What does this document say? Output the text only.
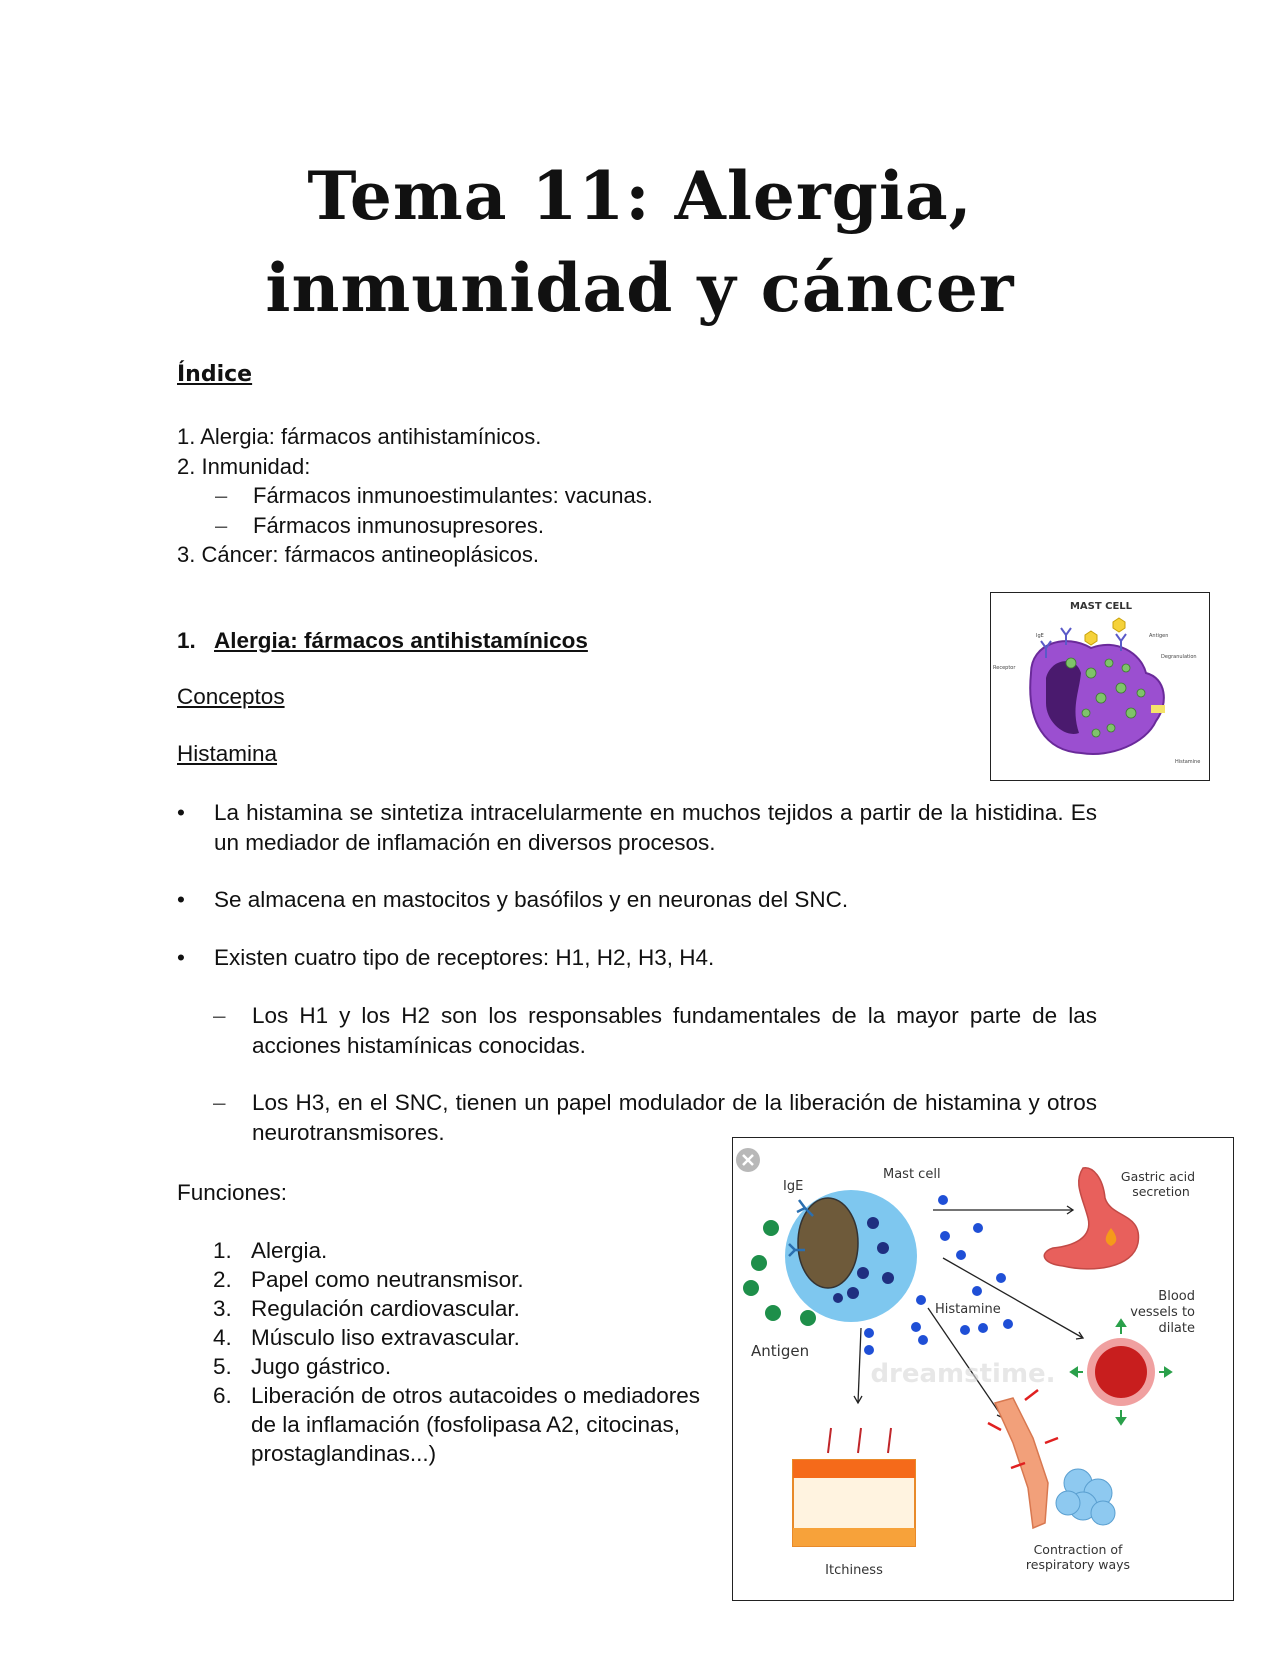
Tema 11: Alergia,
inmunidad y cáncer
Índice
1. Alergia: fármacos antihistamínicos.
2. Inmunidad:
– Fármacos inmunoestimulantes: vacunas.
– Fármacos inmunosupresores.
3. Cáncer: fármacos antineoplásicos.
1. Alergia: fármacos antihistamínicos
Conceptos
Histamina
• La histamina se sintetiza intracelularmente en muchos tejidos a partir de la histidina. Es un mediador de inflamación en diversos procesos.
• Se almacena en mastocitos y basófilos y en neuronas del SNC.
• Existen cuatro tipo de receptores: H1, H2, H3, H4.
– Los H1 y los H2 son los responsables fundamentales de la mayor parte de las acciones histamínicas conocidas.
– Los H3, en el SNC, tienen un papel modulador de la liberación de histamina y otros neurotransmisores.
Funciones:
1. Alergia.
2. Papel como neutransmisor.
3. Regulación cardiovascular.
4. Músculo liso extravascular.
5. Jugo gástrico.
6. Liberación de otros autacoides o mediadores de la inflamación (fosfolipasa A2, citocinas, prostaglandinas...)
MAST CELL
IgE	Antigen
Degranulation
Receptor
Histamine
IgE
Mast cell
Antigen
Histamine
Gastric acid
secretion
Blood
vessels to
dilate
Itchiness
Contraction of
respiratory ways
dreamstime.
